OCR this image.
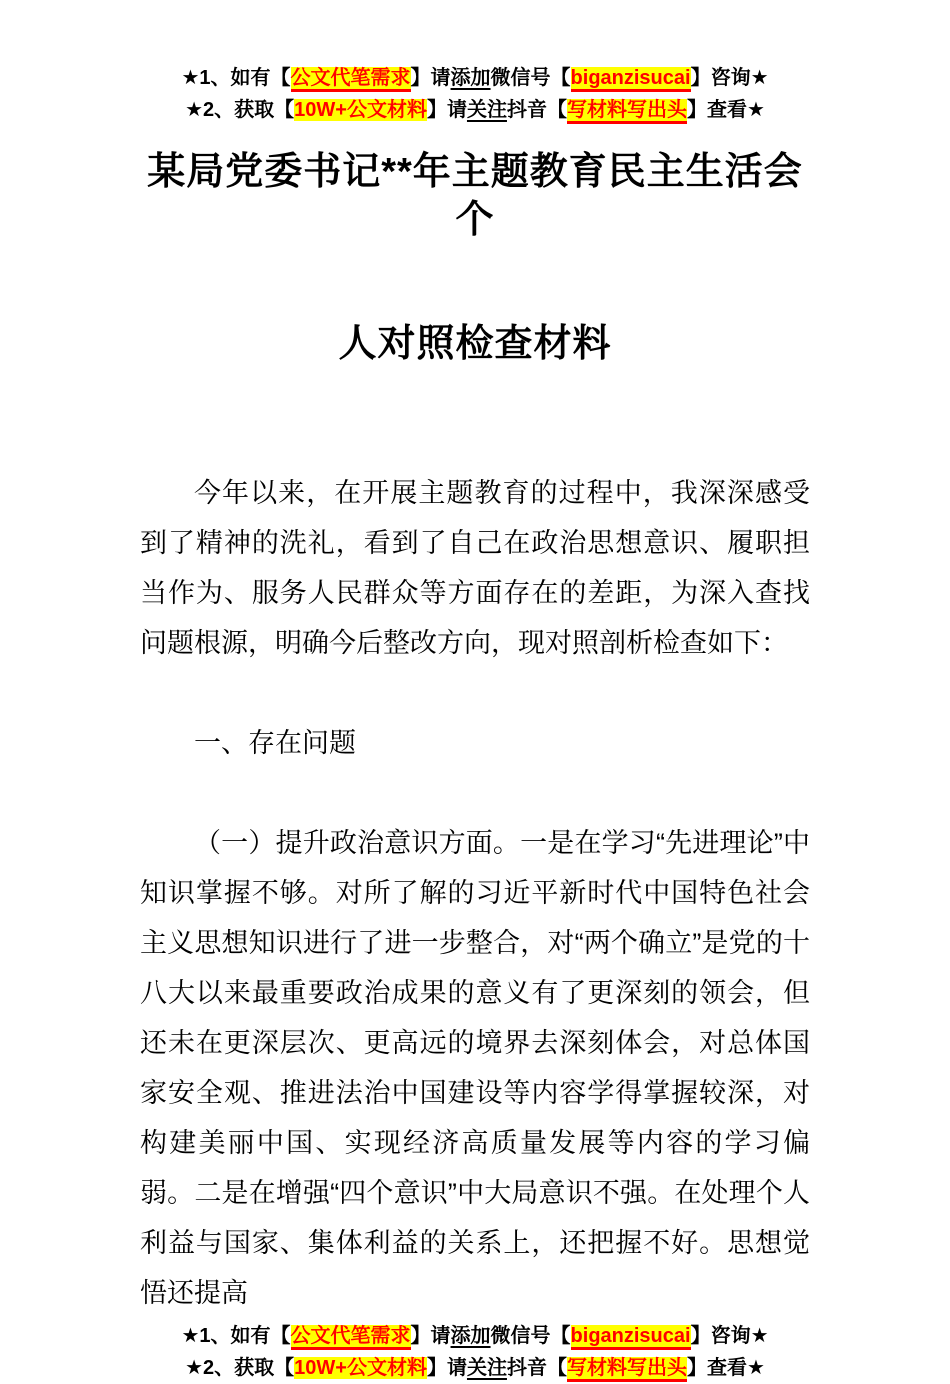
★1、如有【公文代笔需求】请添加微信号【biganzisucai】咨询★
★2、获取【10W+公文材料】请关注抖音【写材料写出头】查看★
某局党委书记**年主题教育民主生活会个
人对照检查材料

今年以来，在开展主题教育的过程中，我深深感受到了精神的洗礼，看到了自己在政治思想意识、履职担当作为、服务人民群众等方面存在的差距，为深入查找问题根源，明确今后整改方向，现对照剖析检查如下：

一、存在问题

（一）提升政治意识方面。一是在学习“先进理论”中知识掌握不够。对所了解的习近平新时代中国特色社会主义思想知识进行了进一步整合，对“两个确立”是党的十八大以来最重要政治成果的意义有了更深刻的领会，但还未在更深层次、更高远的境界去深刻体会，对总体国家安全观、推进法治中国建设等内容学得掌握较深，对构建美丽中国、实现经济高质量发展等内容的学习偏弱。二是在增强“四个意识”中大局意识不强。在处理个人利益与国家、集体利益的关系上，还把握不好。思想觉悟还提高

★1、如有【公文代笔需求】请添加微信号【biganzisucai】咨询★
★2、获取【10W+公文材料】请关注抖音【写材料写出头】查看★
